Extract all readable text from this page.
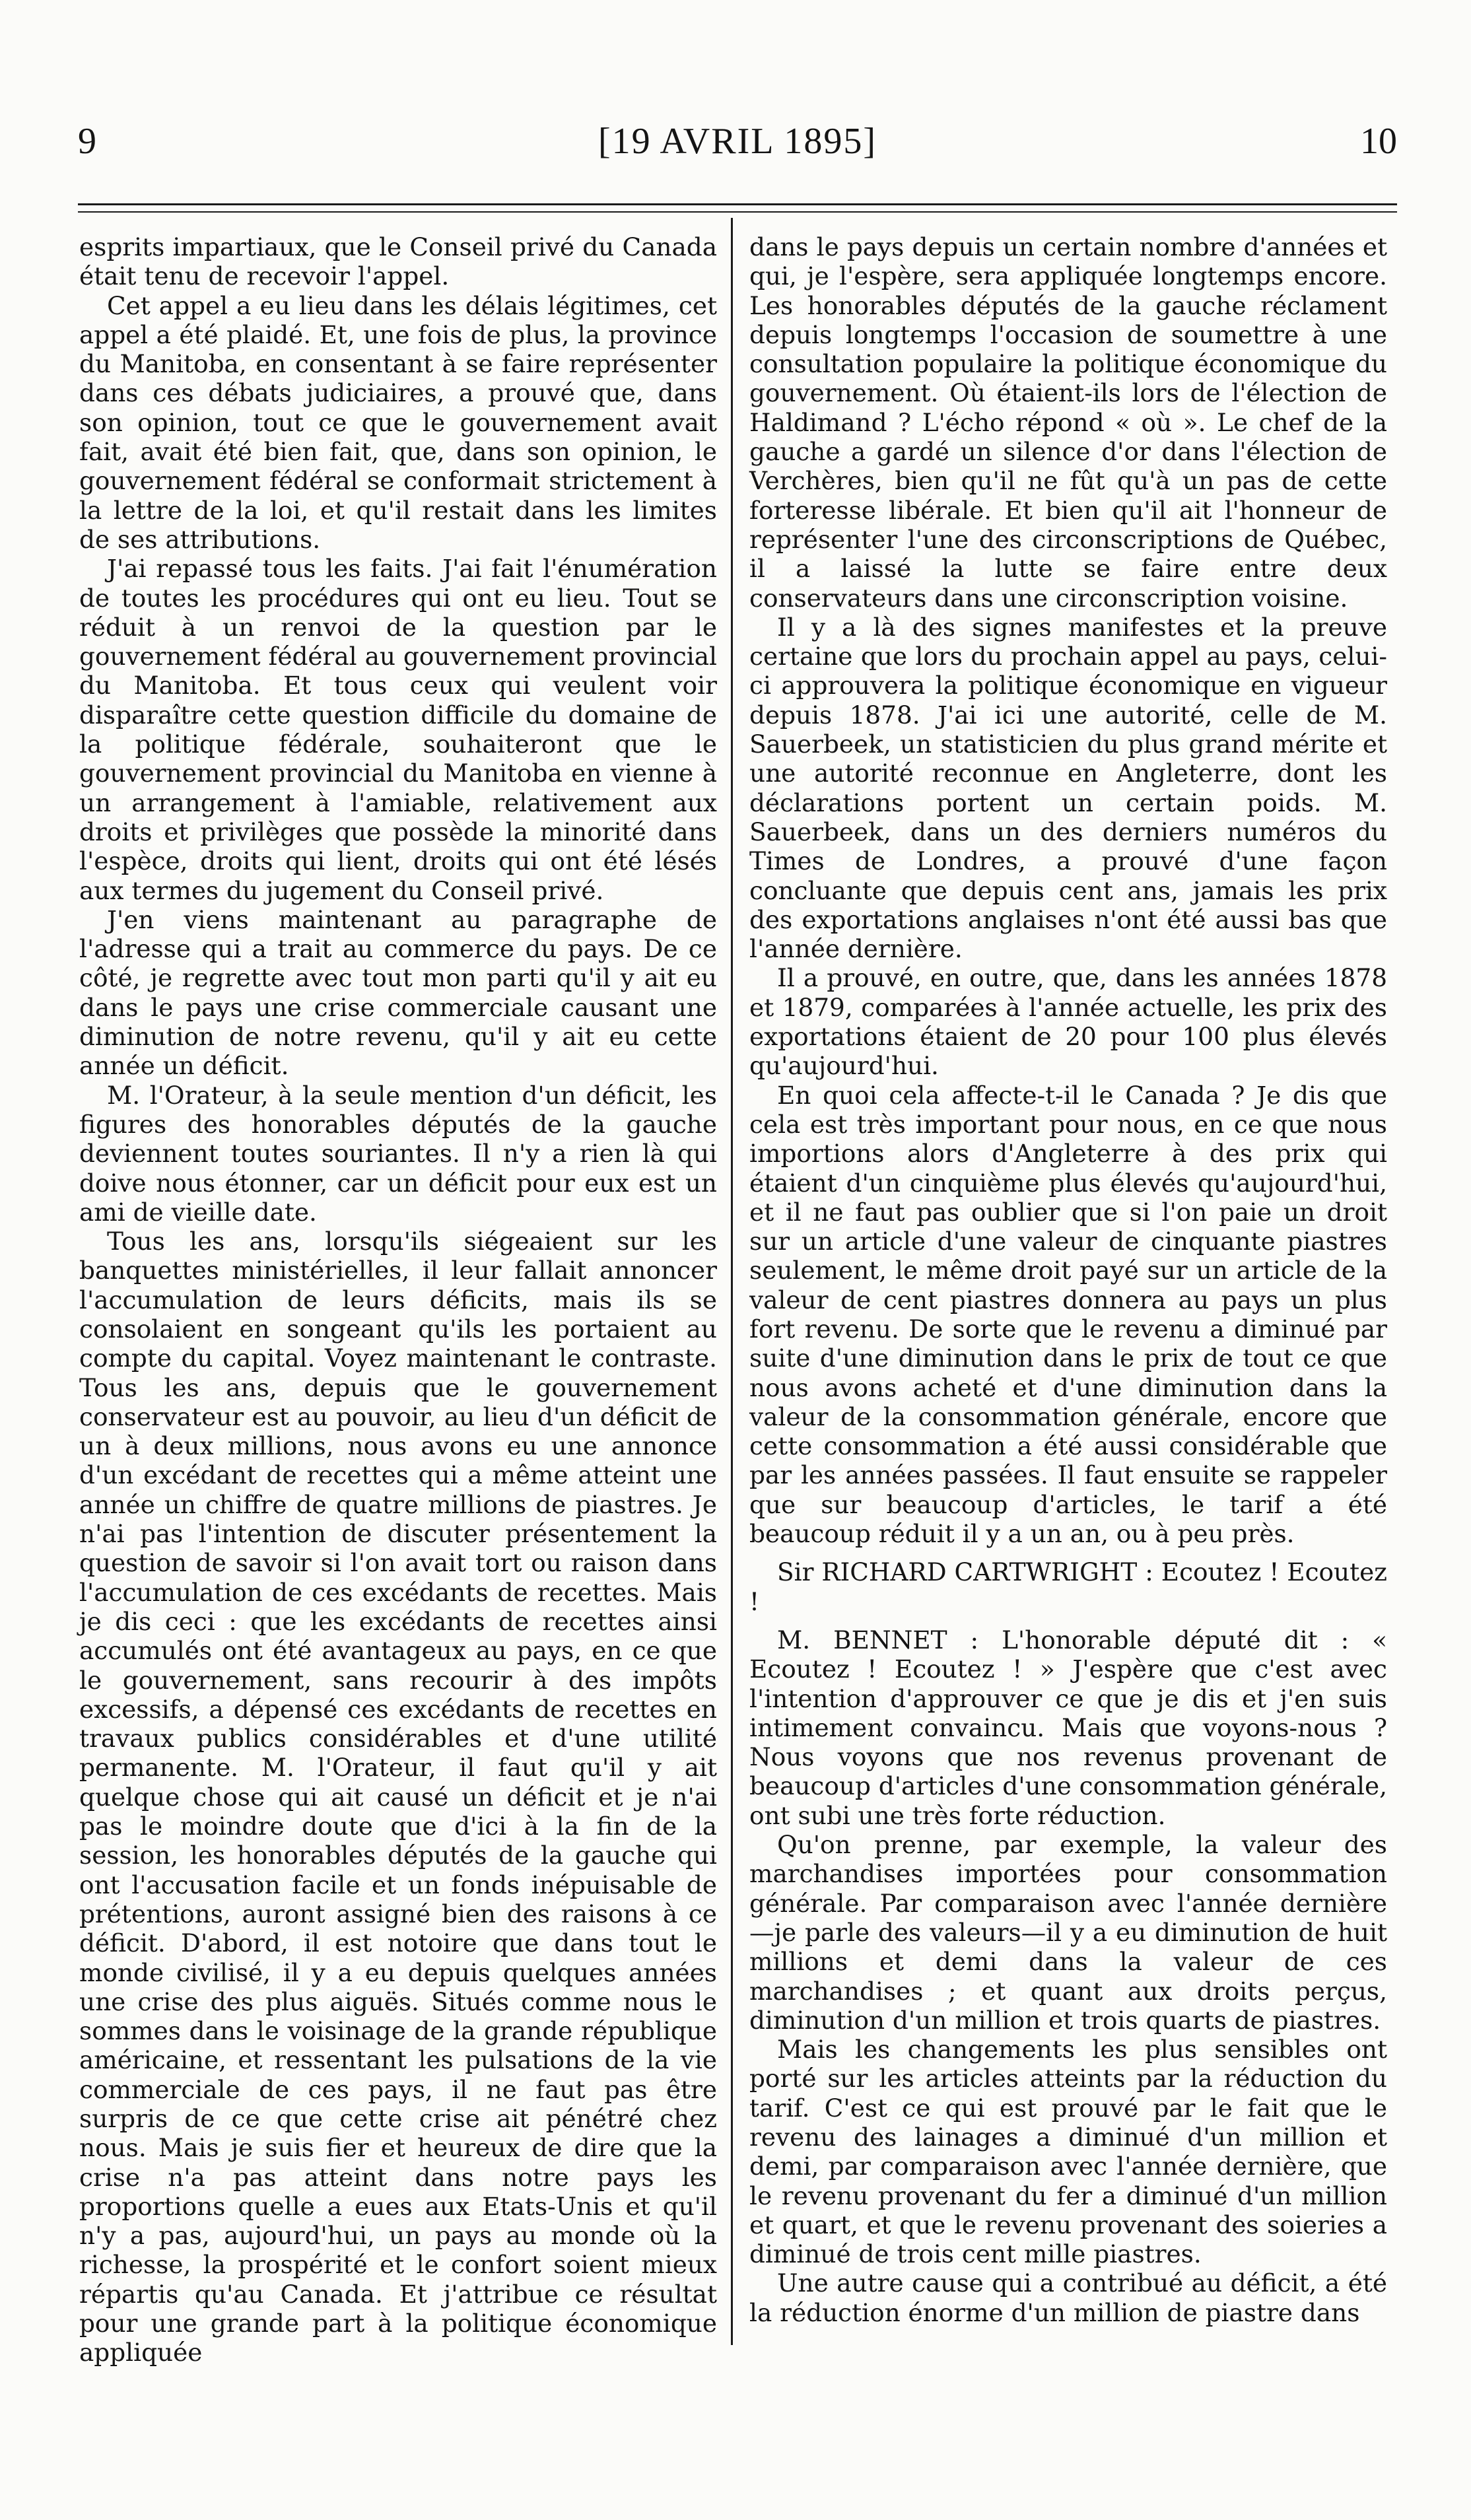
9	[19 AVRIL 1895]	10

esprits impartiaux, que le Conseil privé du Canada était tenu de recevoir l'appel.

Cet appel a eu lieu dans les délais légitimes, cet appel a été plaidé. Et, une fois de plus, la province du Manitoba, en consentant à se faire représenter dans ces débats judiciaires, a prouvé que, dans son opinion, tout ce que le gouvernement avait fait, avait été bien fait, que, dans son opinion, le gouvernement fédéral se conformait strictement à la lettre de la loi, et qu'il restait dans les limites de ses attributions.

J'ai repassé tous les faits. J'ai fait l'énumération de toutes les procédures qui ont eu lieu. Tout se réduit à un renvoi de la question par le gouvernement fédéral au gouvernement provincial du Manitoba. Et tous ceux qui veulent voir disparaître cette question difficile du domaine de la politique fédérale, souhaiteront que le gouvernement provincial du Manitoba en vienne à un arrangement à l'amiable, relativement aux droits et privilèges que possède la minorité dans l'espèce, droits qui lient, droits qui ont été lésés aux termes du jugement du Conseil privé.

J'en viens maintenant au paragraphe de l'adresse qui a trait au commerce du pays. De ce côté, je regrette avec tout mon parti qu'il y ait eu dans le pays une crise commerciale causant une diminution de notre revenu, qu'il y ait eu cette année un déficit.

M. l'Orateur, à la seule mention d'un déficit, les figures des honorables députés de la gauche deviennent toutes souriantes. Il n'y a rien là qui doive nous étonner, car un déficit pour eux est un ami de vieille date.

Tous les ans, lorsqu'ils siégeaient sur les banquettes ministérielles, il leur fallait annoncer l'accumulation de leurs déficits, mais ils se consolaient en songeant qu'ils les portaient au compte du capital. Voyez maintenant le contraste. Tous les ans, depuis que le gouvernement conservateur est au pouvoir, au lieu d'un déficit de un à deux millions, nous avons eu une annonce d'un excédant de recettes qui a même atteint une année un chiffre de quatre millions de piastres. Je n'ai pas l'intention de discuter présentement la question de savoir si l'on avait tort ou raison dans l'accumulation de ces excédants de recettes. Mais je dis ceci : que les excédants de recettes ainsi accumulés ont été avantageux au pays, en ce que le gouvernement, sans recourir à des impôts excessifs, a dépensé ces excédants de recettes en travaux publics considérables et d'une utilité permanente. M. l'Orateur, il faut qu'il y ait quelque chose qui ait causé un déficit et je n'ai pas le moindre doute que d'ici à la fin de la session, les honorables députés de la gauche qui ont l'accusation facile et un fonds inépuisable de prétentions, auront assigné bien des raisons à ce déficit. D'abord, il est notoire que dans tout le monde civilisé, il y a eu depuis quelques années une crise des plus aiguës. Situés comme nous le sommes dans le voisinage de la grande république américaine, et ressentant les pulsations de la vie commerciale de ces pays, il ne faut pas être surpris de ce que cette crise ait pénétré chez nous. Mais je suis fier et heureux de dire que la crise n'a pas atteint dans notre pays les proportions quelle a eues aux Etats-Unis et qu'il n'y a pas, aujourd'hui, un pays au monde où la richesse, la prospérité et le confort soient mieux répartis qu'au Canada. Et j'attribue ce résultat pour une grande part à la politique économique appliquée

dans le pays depuis un certain nombre d'années et qui, je l'espère, sera appliquée longtemps encore. Les honorables députés de la gauche réclament depuis longtemps l'occasion de soumettre à une consultation populaire la politique économique du gouvernement. Où étaient-ils lors de l'élection de Haldimand ? L'écho répond « où ». Le chef de la gauche a gardé un silence d'or dans l'élection de Verchères, bien qu'il ne fût qu'à un pas de cette forteresse libérale. Et bien qu'il ait l'honneur de représenter l'une des circonscriptions de Québec, il a laissé la lutte se faire entre deux conservateurs dans une circonscription voisine.

Il y a là des signes manifestes et la preuve certaine que lors du prochain appel au pays, celui-ci approuvera la politique économique en vigueur depuis 1878. J'ai ici une autorité, celle de M. Sauerbeek, un statisticien du plus grand mérite et une autorité reconnue en Angleterre, dont les déclarations portent un certain poids. M. Sauerbeek, dans un des derniers numéros du Times de Londres, a prouvé d'une façon concluante que depuis cent ans, jamais les prix des exportations anglaises n'ont été aussi bas que l'année dernière.

Il a prouvé, en outre, que, dans les années 1878 et 1879, comparées à l'année actuelle, les prix des exportations étaient de 20 pour 100 plus élevés qu'aujourd'hui.

En quoi cela affecte-t-il le Canada ? Je dis que cela est très important pour nous, en ce que nous importions alors d'Angleterre à des prix qui étaient d'un cinquième plus élevés qu'aujourd'hui, et il ne faut pas oublier que si l'on paie un droit sur un article d'une valeur de cinquante piastres seulement, le même droit payé sur un article de la valeur de cent piastres donnera au pays un plus fort revenu. De sorte que le revenu a diminué par suite d'une diminution dans le prix de tout ce que nous avons acheté et d'une diminution dans la valeur de la consommation générale, encore que cette consommation a été aussi considérable que par les années passées. Il faut ensuite se rappeler que sur beaucoup d'articles, le tarif a été beaucoup réduit il y a un an, ou à peu près.

Sir RICHARD CARTWRIGHT : Ecoutez ! Ecoutez !

M. BENNET : L'honorable député dit : « Ecoutez ! Ecoutez ! » J'espère que c'est avec l'intention d'approuver ce que je dis et j'en suis intimement convaincu. Mais que voyons-nous ? Nous voyons que nos revenus provenant de beaucoup d'articles d'une consommation générale, ont subi une très forte réduction.

Qu'on prenne, par exemple, la valeur des marchandises importées pour consommation générale. Par comparaison avec l'année dernière—je parle des valeurs—il y a eu diminution de huit millions et demi dans la valeur de ces marchandises ; et quant aux droits perçus, diminution d'un million et trois quarts de piastres.

Mais les changements les plus sensibles ont porté sur les articles atteints par la réduction du tarif. C'est ce qui est prouvé par le fait que le revenu des lainages a diminué d'un million et demi, par comparaison avec l'année dernière, que le revenu provenant du fer a diminué d'un million et quart, et que le revenu provenant des soieries a diminué de trois cent mille piastres.

Une autre cause qui a contribué au déficit, a été la réduction énorme d'un million de piastre dans
